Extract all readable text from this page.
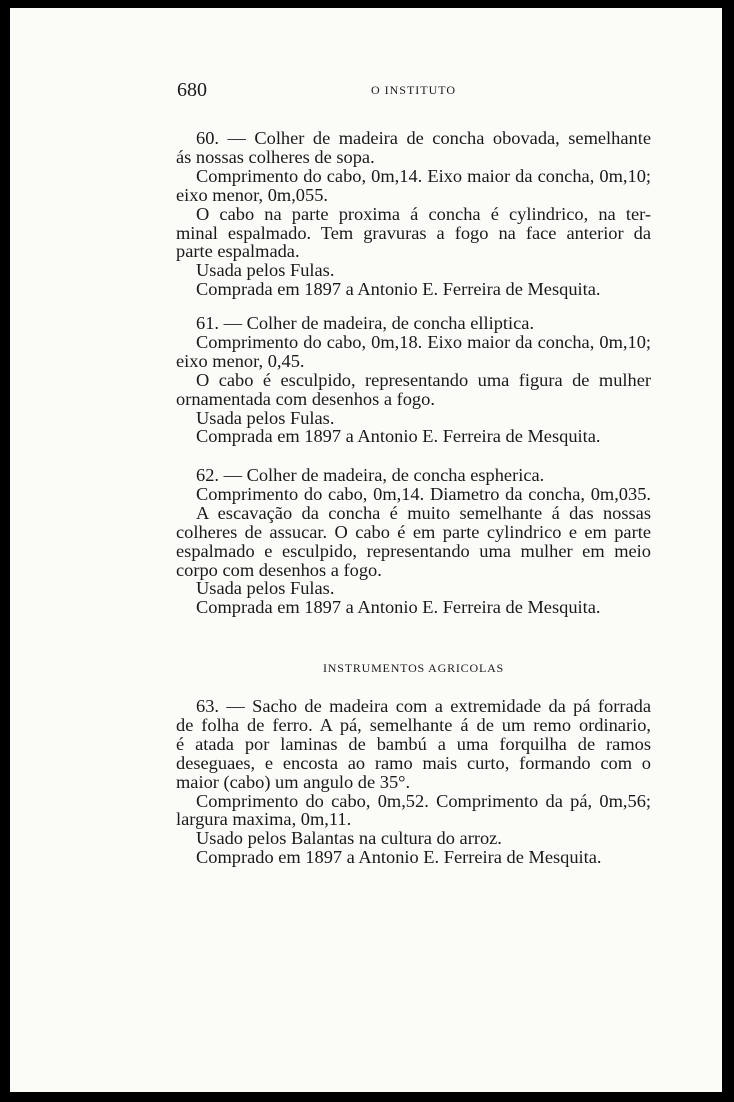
680	O INSTITUTO
60. — Colher de madeira de concha obovada, semelhante
ás nossas colheres de sopa.
Comprimento do cabo, 0m,14. Eixo maior da concha, 0m,10;
eixo menor, 0m,055.
O cabo na parte proxima á concha é cylindrico, na ter-
minal espalmado. Tem gravuras a fogo na face anterior da
parte espalmada.
Usada pelos Fulas.
Comprada em 1897 a Antonio E. Ferreira de Mesquita.
61. — Colher de madeira, de concha elliptica.
Comprimento do cabo, 0m,18. Eixo maior da concha, 0m,10;
eixo menor, 0,45.
O cabo é esculpido, representando uma figura de mulher
ornamentada com desenhos a fogo.
Usada pelos Fulas.
Comprada em 1897 a Antonio E. Ferreira de Mesquita.
62. — Colher de madeira, de concha espherica.
Comprimento do cabo, 0m,14. Diametro da concha, 0m,035.
A escavação da concha é muito semelhante á das nossas
colheres de assucar. O cabo é em parte cylindrico e em parte
espalmado e esculpido, representando uma mulher em meio
corpo com desenhos a fogo.
Usada pelos Fulas.
Comprada em 1897 a Antonio E. Ferreira de Mesquita.
INSTRUMENTOS AGRICOLAS
63. — Sacho de madeira com a extremidade da pá forrada
de folha de ferro. A pá, semelhante á de um remo ordinario,
é atada por laminas de bambú a uma forquilha de ramos
deseguaes, e encosta ao ramo mais curto, formando com o
maior (cabo) um angulo de 35°.
Comprimento do cabo, 0m,52. Comprimento da pá, 0m,56;
largura maxima, 0m,11.
Usado pelos Balantas na cultura do arroz.
Comprado em 1897 a Antonio E. Ferreira de Mesquita.
